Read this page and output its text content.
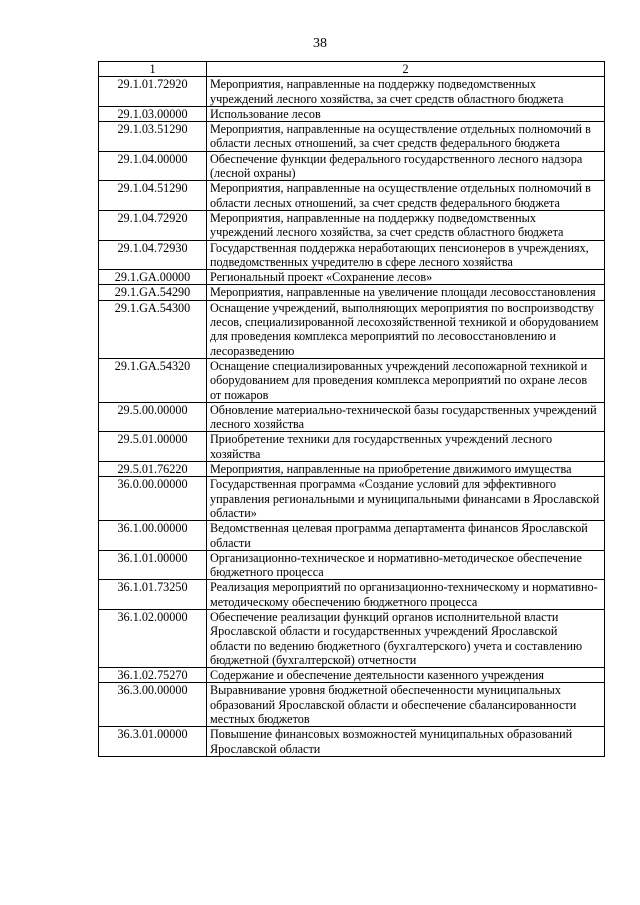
38
1	2
29.1.01.72920	Мероприятия, направленные на поддержку подведомственных учреждений лесного хозяйства, за счет средств областного бюджета
29.1.03.00000	Использование лесов
29.1.03.51290	Мероприятия, направленные на осуществление отдельных полномочий в области лесных отношений, за счет средств федерального бюджета
29.1.04.00000	Обеспечение функции федерального государственного лесного надзора (лесной охраны)
29.1.04.51290	Мероприятия, направленные на осуществление отдельных полномочий в области лесных отношений, за счет средств федерального бюджета
29.1.04.72920	Мероприятия, направленные на поддержку подведомственных учреждений лесного хозяйства, за счет средств областного бюджета
29.1.04.72930	Государственная поддержка неработающих пенсионеров в учреждениях, подведомственных учредителю в сфере лесного хозяйства
29.1.GA.00000	Региональный проект «Сохранение лесов»
29.1.GA.54290	Мероприятия, направленные на увеличение площади лесовосстановления
29.1.GA.54300	Оснащение учреждений, выполняющих мероприятия по воспроизводству лесов, специализированной лесохозяйственной техникой и оборудованием для проведения комплекса мероприятий по лесовосстановлению и лесоразведению
29.1.GA.54320	Оснащение специализированных учреждений лесопожарной техникой и оборудованием для проведения комплекса мероприятий по охране лесов от пожаров
29.5.00.00000	Обновление материально-технической базы государственных учреждений лесного хозяйства
29.5.01.00000	Приобретение техники для государственных учреждений лесного хозяйства
29.5.01.76220	Мероприятия, направленные на приобретение движимого имущества
36.0.00.00000	Государственная программа «Создание условий для эффективного управления региональными и муниципальными финансами в Ярославской области»
36.1.00.00000	Ведомственная целевая программа департамента финансов Ярославской области
36.1.01.00000	Организационно-техническое и нормативно-методическое обеспечение бюджетного процесса
36.1.01.73250	Реализация мероприятий по организационно-техническому и нормативно-методическому обеспечению бюджетного процесса
36.1.02.00000	Обеспечение реализации функций органов исполнительной власти Ярославской области и государственных учреждений Ярославской области по ведению бюджетного (бухгалтерского) учета и составлению бюджетной (бухгалтерской) отчетности
36.1.02.75270	Содержание и обеспечение деятельности казенного учреждения
36.3.00.00000	Выравнивание уровня бюджетной обеспеченности муниципальных образований Ярославской области и обеспечение сбалансированности местных бюджетов
36.3.01.00000	Повышение финансовых возможностей муниципальных образований Ярославской области
